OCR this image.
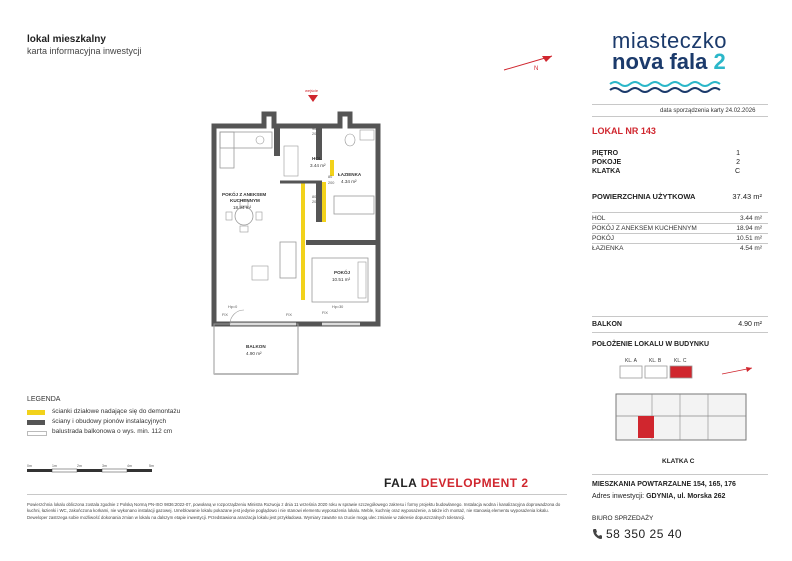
lokal mieszkalny
karta informacyjna inwestycji
N
miasteczko
nova fala 2
data sporządzenia karty 24.02.2026
LOKAL NR 143
PIĘTRO	1
POKOJE	2
KLATKA	C
POWIERZCHNIA UŻYTKOWA	37.43 m²
HOL	3.44 m²
POKÓJ Z ANEKSEM KUCHENNYM	18.94 m²
POKÓJ	10.51 m²
ŁAZIENKA	4.54 m²
BALKON	4.90 m²
POŁOŻENIE LOKALU W BUDYNKU
KL. A KL. B	KL. C
KLATKA C
MIESZKANIA POWTARZALNE 154, 165, 176
Adres inwestycji: GDYNIA, ul. Morska 262
BIURO SPRZEDAŻY
58 350 25 40
wejście
HOL
3.44 m²
ŁAZIENKA
4.34 m²
POKÓJ Z ANEKSEM
KUCHENNYM
18.94 m²
POKÓJ
10.51 m²
BALKON
4.90 m²
FIX	FIX	FIX
Hp=0	Hp=30
80
200
90
200
80
200
LEGENDA
ścianki działowe nadające się do demontażu
ściany i obudowy pionów instalacyjnych
balustrada balkonowa o wys. min. 112 cm
0m	1m	2m	3m	4m	5m
FALA DEVELOPMENT 2
Powierzchnia lokalu obliczona zostala zgodnie z Polską Normą PN-ISO 9836:2022-07, powołaną w rozporządzeniu Ministra Rozwoju z dnia 11 września 2020 roku w sprawie szczegółowego zakresu i formy projektu budowlanego. Instalacja wodna i kanalizacyjna doprowadzona do kuchni, łazienki i WC, zakończona korkami, nie wykonano instalacji gazowej. Umeblowanie lokalu pokazane jest jedynie poglądowo i nie stanowi elementu wyposażenia lokalu. Meble, kuchnię oraz wyposażenie, a także ich montaż, nie stanowią elementu wyposażenia lokalu. Deweloper zastrzega sobie możliwość dokonania zmian w lokalu na dalszym etapie inwestycji. Przedstawiona aranżacja lokalu jest przykładowa. Wymiary zawarte na rzucie mogą ulec zmianie w zakresie dopuszczalnych tolerancji.
